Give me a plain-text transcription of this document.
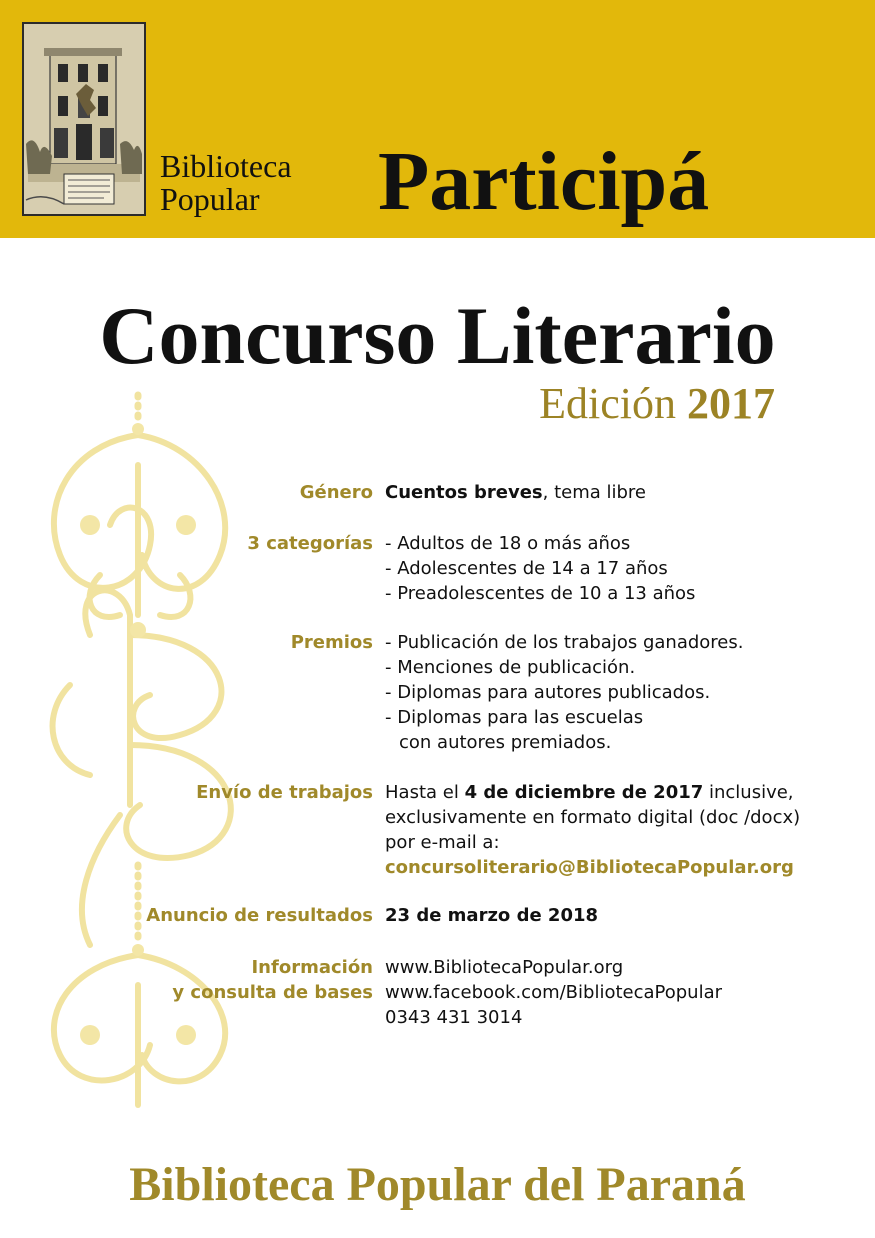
Biblioteca
Popular	Participá
Concurso Literario

Edición 2017

Género Cuentos breves, tema libre
3 categorías - Adultos de 18 o más años
- Adolescentes de 14 a 17 años
- Preadolescentes de 10 a 13 años
Premios - Publicación de los trabajos ganadores.
- Menciones de publicación.
- Diplomas para autores publicados.
- Diplomas para las escuelas
con autores premiados.
Envío de trabajos Hasta el 4 de diciembre de 2017 inclusive,
exclusivamente en formato digital (doc /docx)
por e-mail a:
concursoliterario@BibliotecaPopular.org
Anuncio de resultados 23 de marzo de 2018
Información
y consulta de bases
www.BibliotecaPopular.org
www.facebook.com/BibliotecaPopular
0343 431 3014
Biblioteca Popular del Paraná
